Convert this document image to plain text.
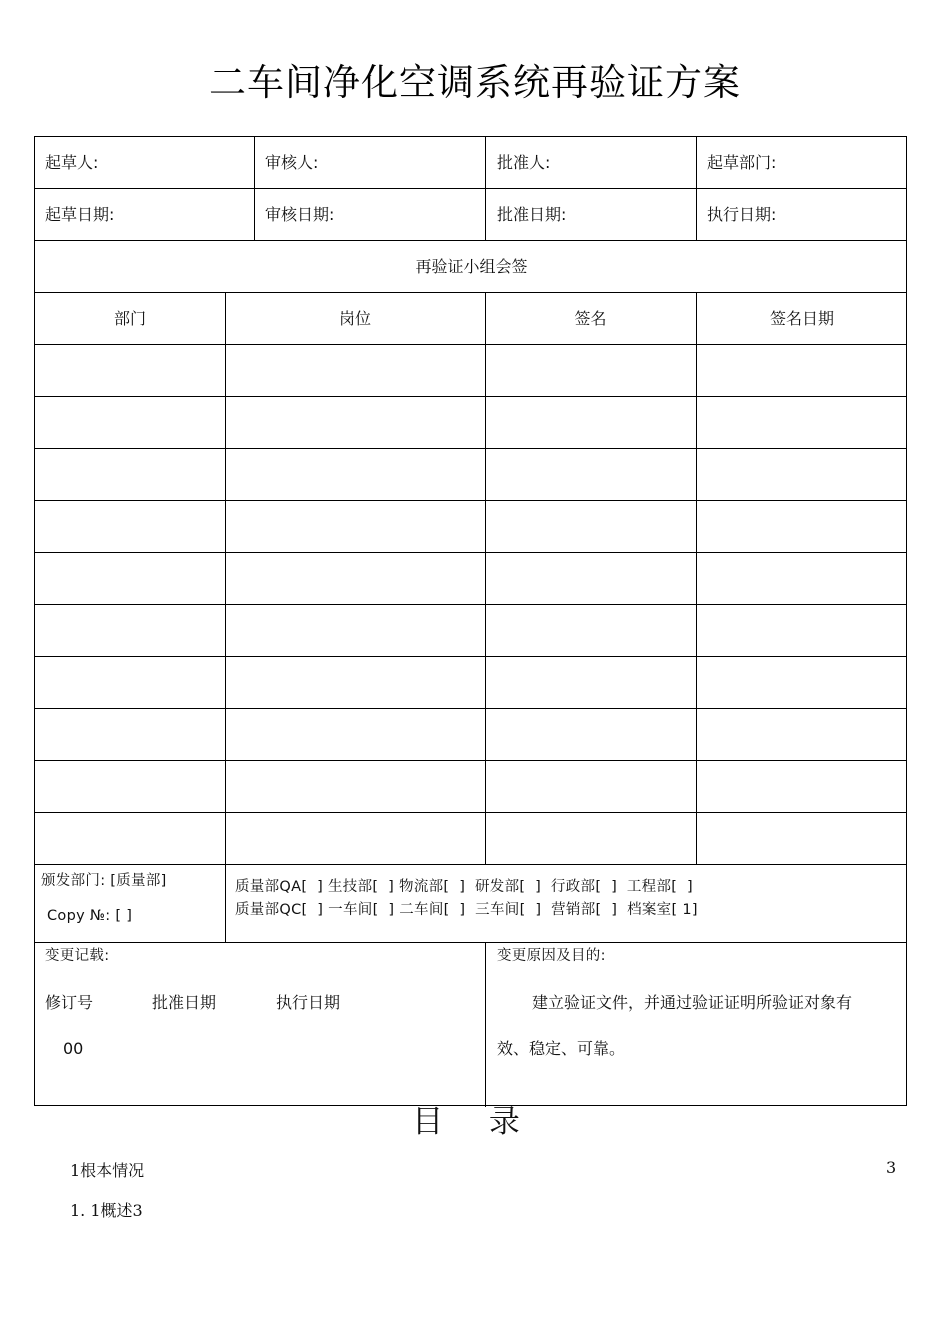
二车间净化空调系统再验证方案
起草人:	审核人:	批准人:	起草部门:
起草日期:	审核日期:	批准日期:	执行日期:
再验证小组会签
部门	岗位	签名	签名日期
颁发部门: [质量部]
Copy №: [ ]
质量部QA[  ] 生技部[  ] 物流部[  ]  研发部[  ]  行政部[  ]  工程部[  ]
质量部QC[  ] 一车间[  ] 二车间[  ]  三车间[  ]  营销部[  ]  档案室[ 1]
变更记载:
修订号	批准日期	执行日期
00
变更原因及目的:
建立验证文件，并通过验证证明所验证对象有
效、稳定、可靠。
目 录
1根本情况	3
1. 1概述3
